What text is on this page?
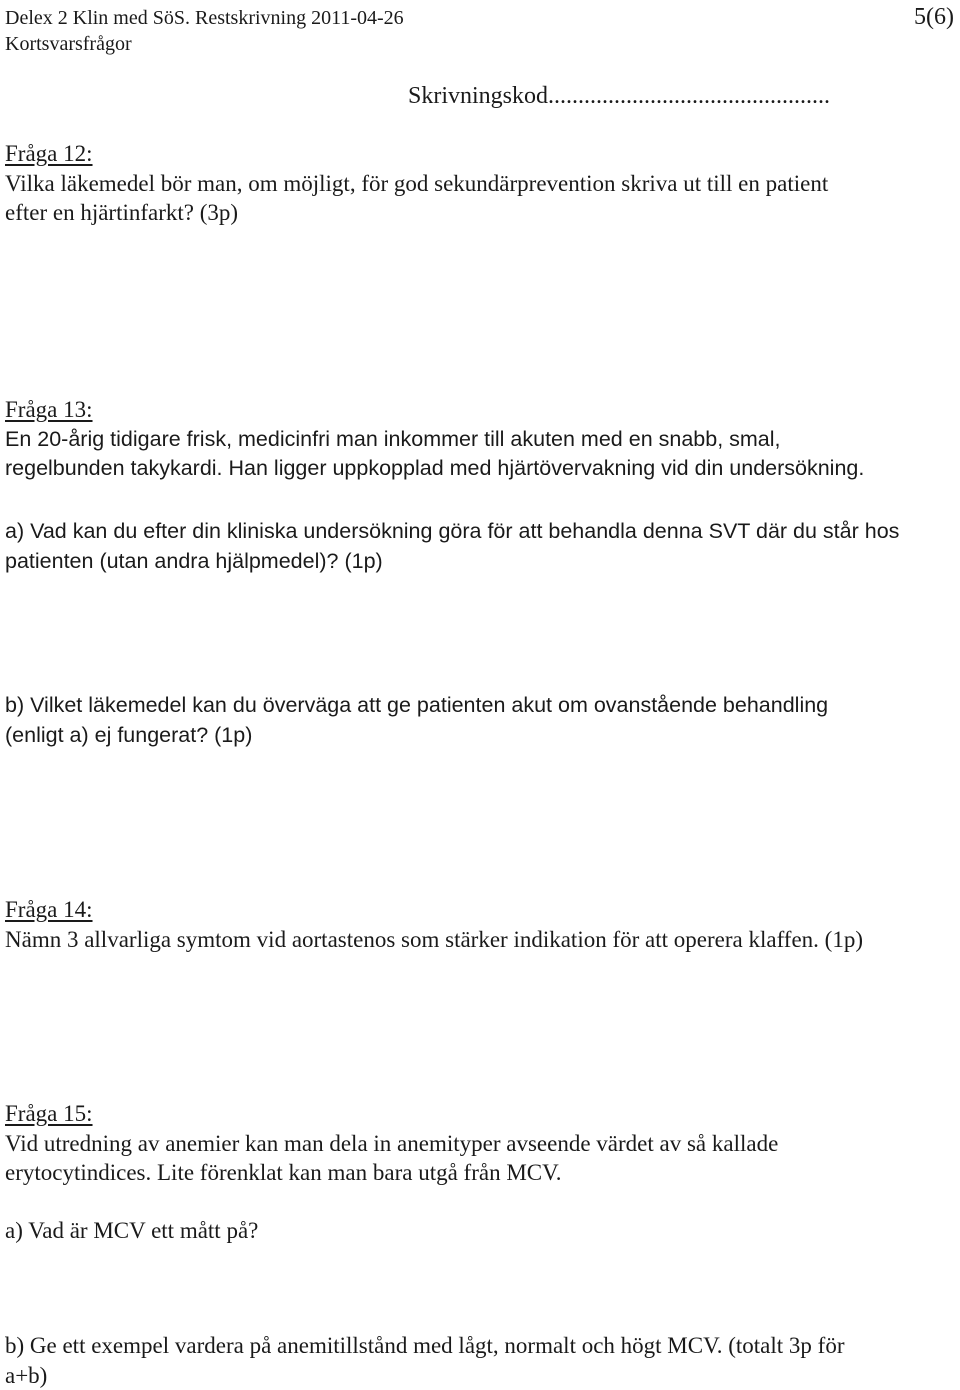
Delex 2 Klin med SöS. Restskrivning 2011-04-26
Kortsvarsfrågor
5(6)
Skrivningskod...............................................

Fråga 12:

Vilka läkemedel bör man, om möjligt, för god sekundärprevention skriva ut till en patient

efter en hjärtinfarkt? (3p)

Fråga 13:

En 20-årig tidigare frisk, medicinfri man inkommer till akuten med en snabb, smal,

regelbunden takykardi. Han ligger uppkopplad med hjärtövervakning vid din undersökning.

a) Vad kan du efter din kliniska undersökning göra för att behandla denna SVT där du står hos

patienten (utan andra hjälpmedel)? (1p)

b) Vilket läkemedel kan du överväga att ge patienten akut om ovanstående behandling

(enligt a) ej fungerat? (1p)

Fråga 14:

Nämn 3 allvarliga symtom vid aortastenos som stärker indikation för att operera klaffen. (1p)

Fråga 15:

Vid utredning av anemier kan man dela in anemityper avseende värdet av så kallade

erytocytindices. Lite förenklat kan man bara utgå från MCV.

a) Vad är MCV ett mått på?

b) Ge ett exempel vardera på anemitillstånd med lågt, normalt och högt MCV. (totalt 3p för

a+b)
